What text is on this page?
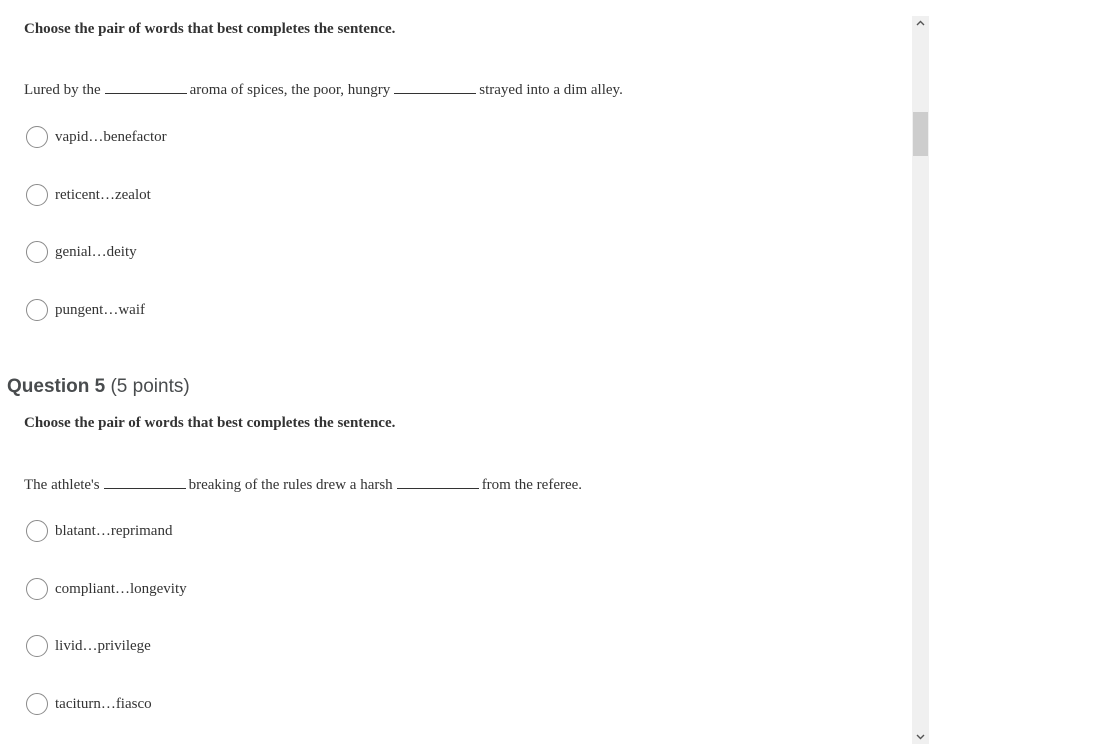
Choose the pair of words that best completes the sentence.
Lured by the	aroma of spices, the poor, hungry	strayed into a dim alley.
vapid…benefactor
reticent…zealot
genial…deity
pungent…waif
Question 5 (5 points)
Choose the pair of words that best completes the sentence.
The athlete's	breaking of the rules drew a harsh	from the referee.
blatant…reprimand
compliant…longevity
livid…privilege
taciturn…fiasco
